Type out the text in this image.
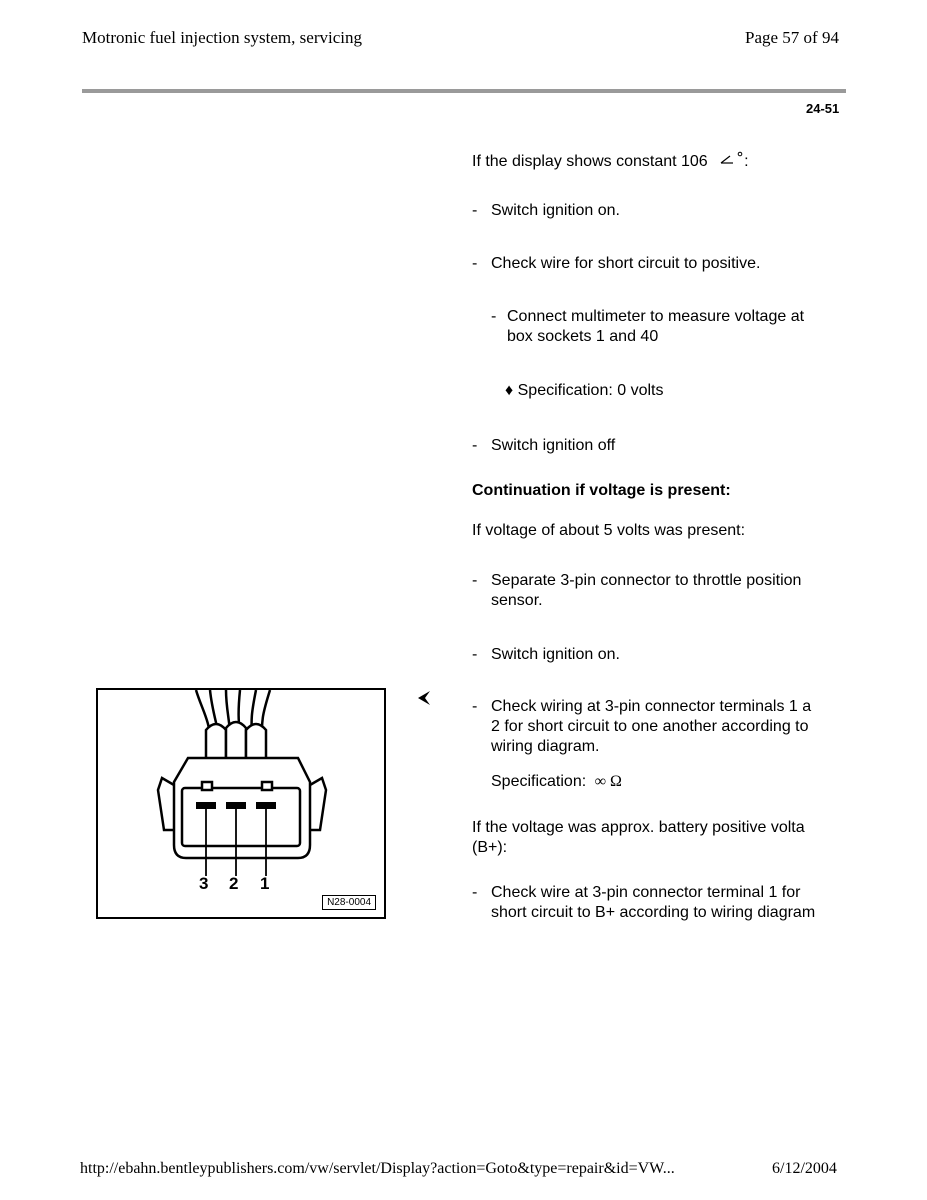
Motronic fuel injection system, servicing	Page 57 of 94
24-51
If the display shows constant 106 :
- Switch ignition on.
- Check wire for short circuit to positive.
- Connect multimeter to measure voltage at
box sockets 1 and 40
♦ Specification: 0 volts
- Switch ignition off
Continuation if voltage is present:
If voltage of about 5 volts was present:
- Separate 3-pin connector to throttle position
sensor.
- Switch ignition on.
- Check wiring at 3-pin connector terminals 1 a
2 for short circuit to one another according to
wiring diagram.
Specification: ∞ Ω
If the voltage was approx. battery positive volta
(B+):
- Check wire at 3-pin connector terminal 1 for
short circuit to B+ according to wiring diagram
3 2 1
N28-0004
http://ebahn.bentleypublishers.com/vw/servlet/Display?action=Goto&type=repair&id=VW...	6/12/2004
